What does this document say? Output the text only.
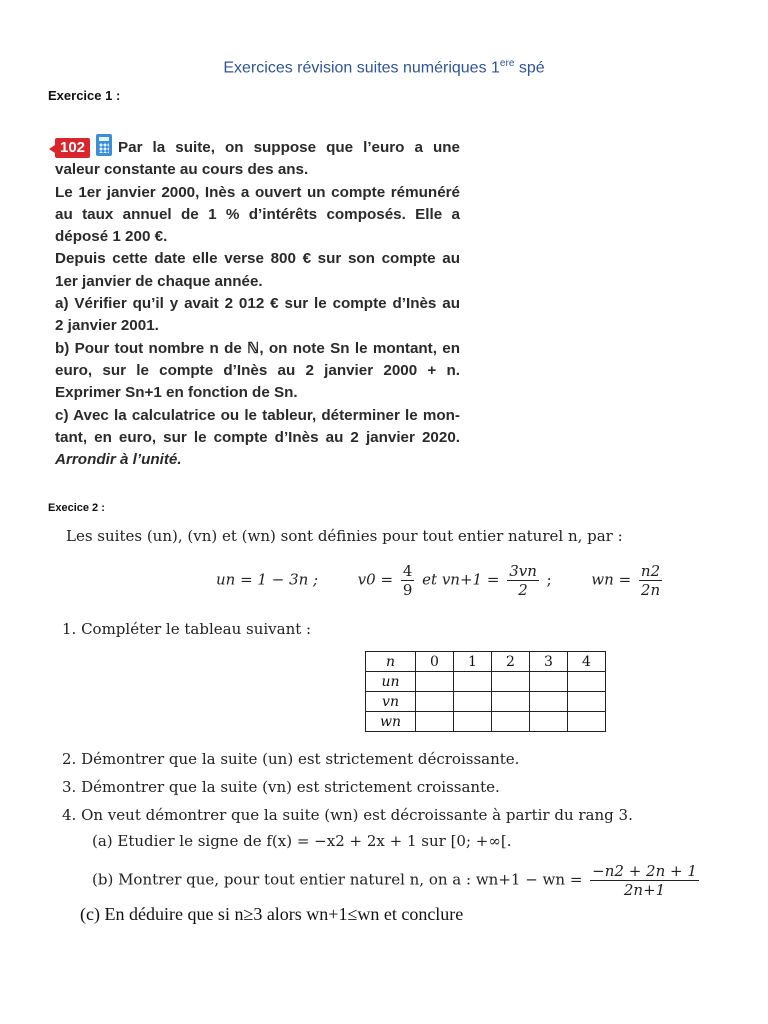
Exercices révision suites numériques 1ere spé
Exercice 1 :
102 Par la suite, on suppose que l’euro a une
valeur constante au cours des ans.
Le 1er janvier 2000, Inès a ouvert un compte rémunéré
au taux annuel de 1 % d’intérêts composés. Elle a
déposé 1 200 €.
Depuis cette date elle verse 800 € sur son compte au
1er janvier de chaque année.
a) Vérifier qu’il y avait 2 012 € sur le compte d’Inès au
2 janvier 2001.
b) Pour tout nombre n de ℕ, on note Sn le montant, en
euro, sur le compte d’Inès au 2 janvier 2000 + n.
Exprimer Sn+1 en fonction de Sn.
c) Avec la calculatrice ou le tableur, déterminer le mon-
tant, en euro, sur le compte d’Inès au 2 janvier 2020.
Arrondir à l’unité.
Execice 2 :
Les suites (un), (vn) et (wn) sont définies pour tout entier naturel n, par :
un = 1 − 3n ;	$v0 = \frac{4}{9}$ et $vn+1 = \frac{3vn}{2}$ ;	wn = $\frac{n2}{2n}$
1. Compléter le tableau suivant :
n	0	1	2	3	4
un					
vn					
wn					
2. Démontrer que la suite (un) est strictement décroissante.
3. Démontrer que la suite (vn) est strictement croissante.
4. On veut démontrer que la suite (wn) est décroissante à partir du rang 3.
(a) Etudier le signe de f(x) = −x2 + 2x + 1 sur [0; +∞[.
(b) Montrer que, pour tout entier naturel n, on a : wn+1 − wn = $\frac{-n2 + 2n + 1}{2n+1}$
(c) En déduire que si n≥3 alors wn+1≤wn et conclure
